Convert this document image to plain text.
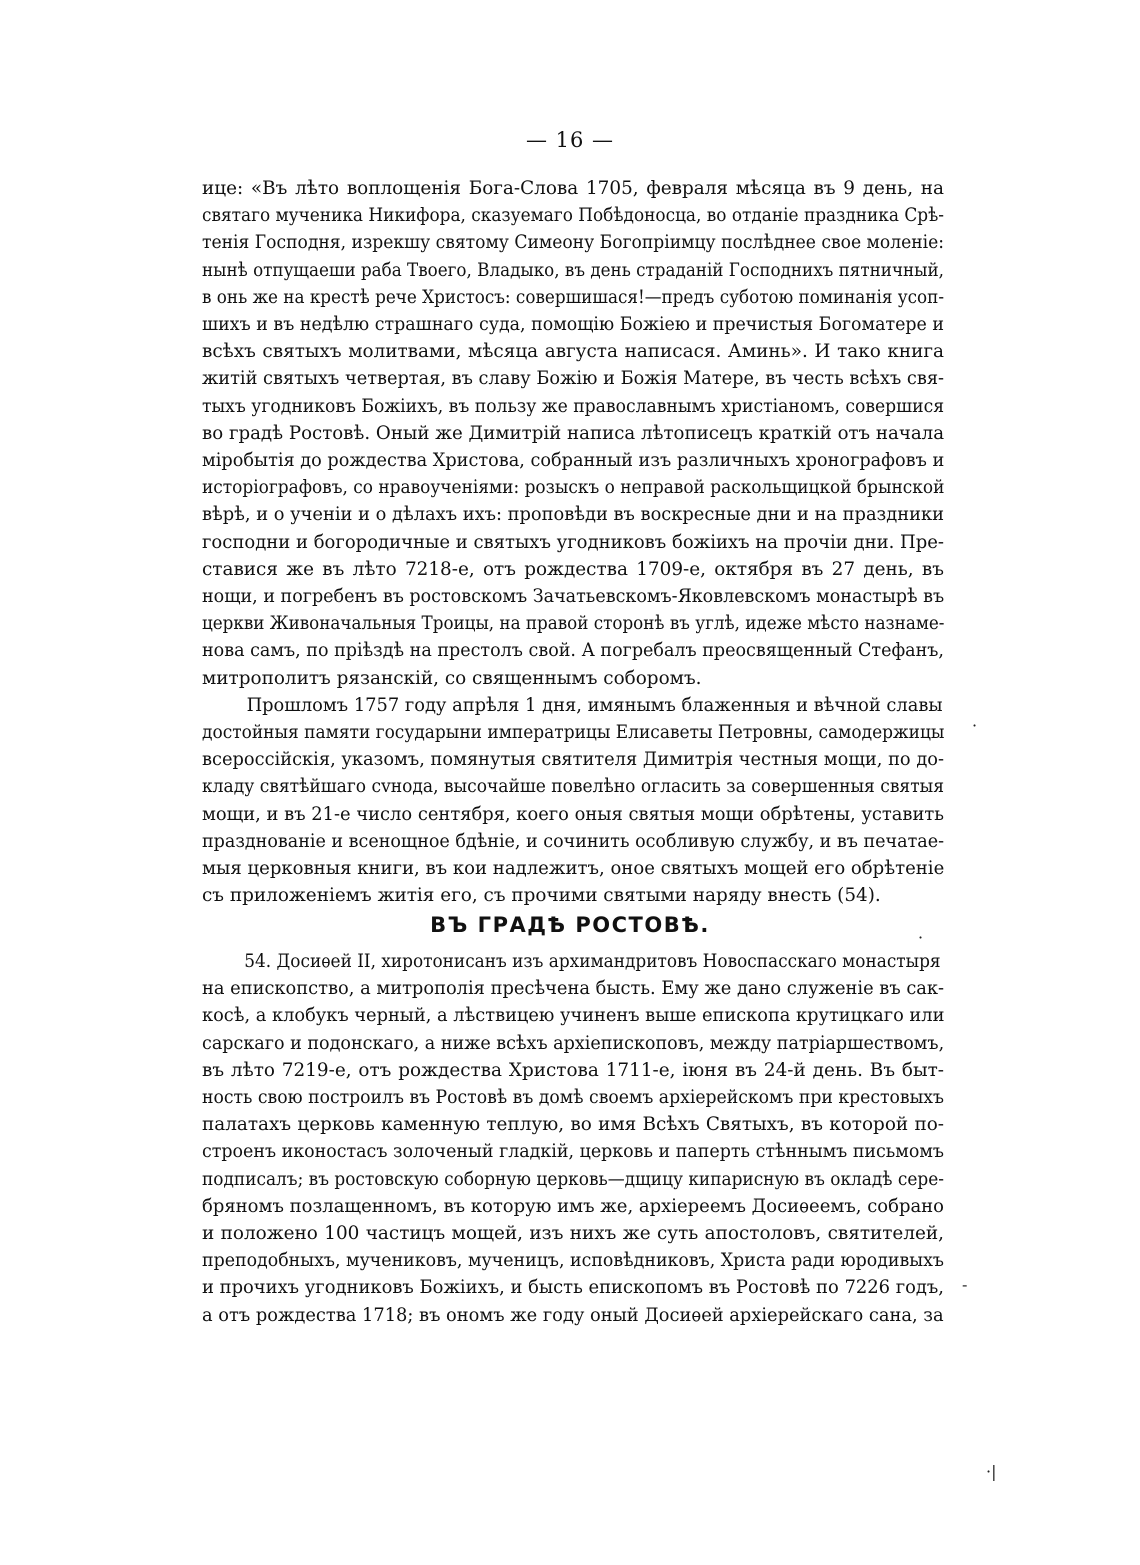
— 16 —
ице: «Въ лѣто воплощенія Бога-Слова 1705, февраля мѣсяца въ 9 день, на
святаго мученика Никифора, сказуемаго Побѣдоносца, во отданіе праздника Срѣ-
тенія Господня, изрекшу святому Симеону Богопріимцу послѣднее свое моленіе:
нынѣ отпущаеши раба Твоего, Владыко, въ день страданій Господнихъ пятничный,
в онь же на крестѣ рече Христосъ: совершишася!—предъ суботою поминанія усоп-
шихъ и въ недѣлю страшнаго суда, помощію Божіею и пречистыя Богоматере и
всѣхъ святыхъ молитвами, мѣсяца августа написася. Аминь». И тако книга
житій святыхъ четвертая, въ славу Божію и Божія Матере, въ честь всѣхъ свя-
тыхъ угодниковъ Божіихъ, въ пользу же православнымъ христіаномъ, совершися
во градѣ Ростовѣ. Оный же Димитрій написа лѣтописецъ краткій отъ начала
міробытія до рождества Христова, собранный изъ различныхъ хронографовъ и
исторіографовъ, со нравоученіями: розыскъ о неправой раскольщицкой брынской
вѣрѣ, и о ученіи и о дѣлахъ ихъ: проповѣди въ воскресные дни и на праздники
господни и богородичные и святыхъ угодниковъ божіихъ на прочіи дни. Пре-
ставися же въ лѣто 7218-е, отъ рождества 1709-е, октября въ 27 день, въ
нощи, и погребенъ въ ростовскомъ Зачатьевскомъ-Яковлевскомъ монастырѣ въ
церкви Живоначальныя Троицы, на правой сторонѣ въ углѣ, идеже мѣсто назнаме-
нова самъ, по пріѣздѣ на престолъ свой. А погребалъ преосвященный Стефанъ,
митрополитъ рязанскій, со священнымъ соборомъ.
Прошломъ 1757 году апрѣля 1 дня, имянымъ блаженныя и вѣчной славы
достойныя памяти государыни императрицы Елисаветы Петровны, самодержицы
всероссійскія, указомъ, помянутыя святителя Димитрія честныя мощи, по до-
кладу святѣйшаго сvнода, высочайше повелѣно огласить за совершенныя святыя
мощи, и въ 21-е число сентября, коего оныя святыя мощи обрѣтены, уставить
празднованіе и всенощное бдѣніе, и сочинить особливую службу, и въ печатае-
мыя церковныя книги, въ кои надлежитъ, оное святыхъ мощей его обрѣтеніе
съ приложеніемъ житія его, съ прочими святыми наряду внесть (54).
ВЪ ГРАДѢ РОСТОВѢ.
54. Досиѳей II, хиротонисанъ изъ архимандритовъ Новоспасскаго монастыря
на епископство, а митрополія пресѣчена бысть. Ему же дано служеніе въ сак-
косѣ, а клобукъ черный, а лѣствицею учиненъ выше епископа крутицкаго или
сарскаго и подонскаго, а ниже всѣхъ архіепископовъ, между патріаршествомъ,
въ лѣто 7219-е, отъ рождества Христова 1711-е, іюня въ 24-й день. Въ быт-
ность свою построилъ въ Ростовѣ въ домѣ своемъ архіерейскомъ при крестовыхъ
палатахъ церковь каменную теплую, во имя Всѣхъ Святыхъ, въ которой по-
строенъ иконостасъ золоченый гладкій, церковь и паперть стѣннымъ письмомъ
подписалъ; въ ростовскую соборную церковь—дщицу кипарисную въ окладѣ сере-
бряномъ позлащенномъ, въ которую имъ же, архіереемъ Досиѳеемъ, собрано
и положено 100 частицъ мощей, изъ нихъ же суть апостоловъ, святителей,
преподобныхъ, мучениковъ, мученицъ, исповѣдниковъ, Христа ради юродивыхъ
и прочихъ угодниковъ Божіихъ, и бысть епископомъ въ Ростовѣ по 7226 годъ,
а отъ рождества 1718; въ ономъ же году оный Досиѳей архіерейскаго сана, за
·
·
-
·|
